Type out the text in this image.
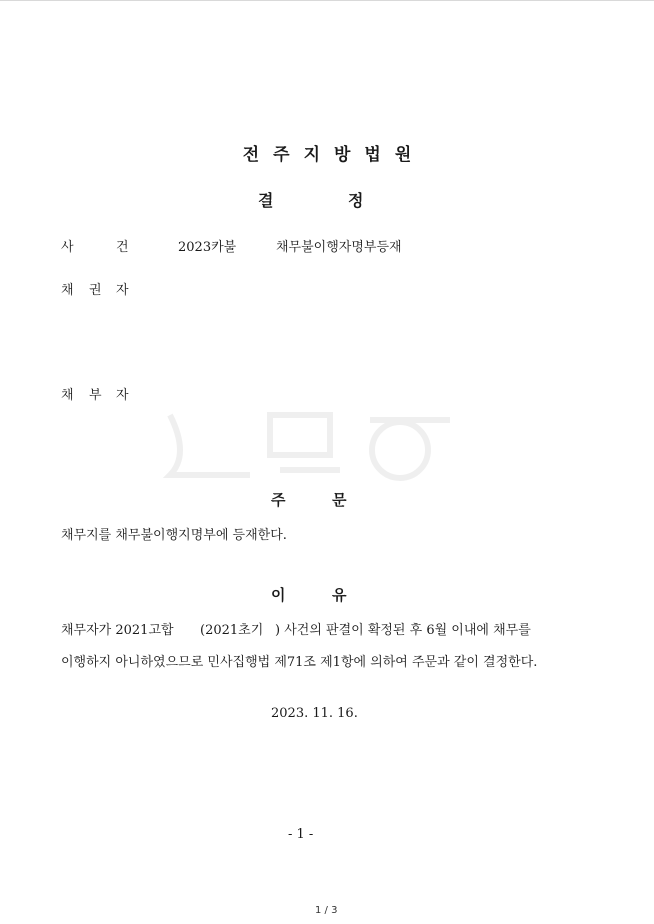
전주지방법원
결	정
사	건	2023카불	채무불이행자명부등재
채 권 자
채 부 자
주	문
채무지를 채무불이행지명부에 등재한다.
이	유
채무자가 2021고합 (2021초기 ) 사건의 판결이 확정된 후 6월 이내에 채무를
이행하지 아니하였으므로 민사집행법 제71조 제1항에 의하여 주문과 같이 결정한다.
2023. 11. 16.
- 1 -
1 / 3
